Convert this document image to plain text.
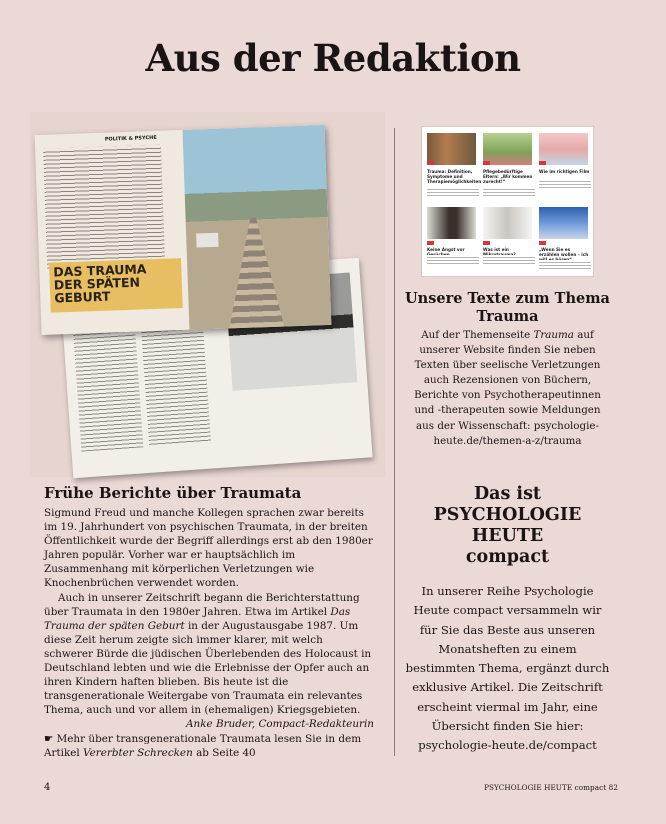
Aus der Redaktion
POLITIK & PSYCHE
DAS TRAUMA DER SPÄTEN GEBURT
Frühe Berichte über Traumata

Sigmund Freud und manche Kollegen sprachen zwar bereits im 19. Jahrhundert von psychischen Traumata, in der breiten Öffentlichkeit wurde der Begriff allerdings erst ab den 1980er Jahren populär. Vorher war er hauptsächlich im Zusammenhang mit körperlichen Verletzungen wie Knochenbrüchen verwendet worden.

Auch in unserer Zeitschrift begann die Berichterstattung über Traumata in den 1980er Jahren. Etwa im Artikel Das Trauma der späten Geburt in der Augustausgabe 1987. Um diese Zeit herum zeigte sich immer klarer, mit welch schwerer Bürde die jüdischen Überlebenden des Holocaust in Deutschland lebten und wie die Erlebnisse der Opfer auch an ihren Kindern haften blieben. Bis heute ist die transgenerationale Weitergabe von Traumata ein relevantes Thema, auch und vor allem in (ehemaligen) Kriegsgebieten.

Anke Bruder, Compact-Redakteurin

☛ Mehr über transgenerationale Traumata lesen Sie in dem Artikel Vererbter Schrecken ab Seite 40

Trauma: Definition, Symptome und Therapiemöglichkeiten
Pflegebedürftige Eltern: „Wir kommen zurecht!“
Wie im richtigen Film
Keine Angst vor	Was ist ein	„Wenn Sie es erzählen wollen – ich
Unsere Texte zum Thema Trauma

Auf der Themenseite Trauma auf unserer Website finden Sie neben Texten über seelische Verletzungen auch Rezensionen von Büchern, Berichte von Psychotherapeutinnen und -therapeuten sowie Meldungen aus der Wissenschaft: psychologie-heute.de/themen-a-z/trauma

Das ist
PSYCHOLOGIE
HEUTE
compact

In unserer Reihe Psychologie Heute compact versammeln wir für Sie das Beste aus unseren Monatsheften zu einem bestimmten Thema, ergänzt durch exklusive Artikel. Die Zeitschrift erscheint viermal im Jahr, eine Übersicht finden Sie hier: psychologie-heute.de/compact

4	PSYCHOLOGIE HEUTE compact 82
